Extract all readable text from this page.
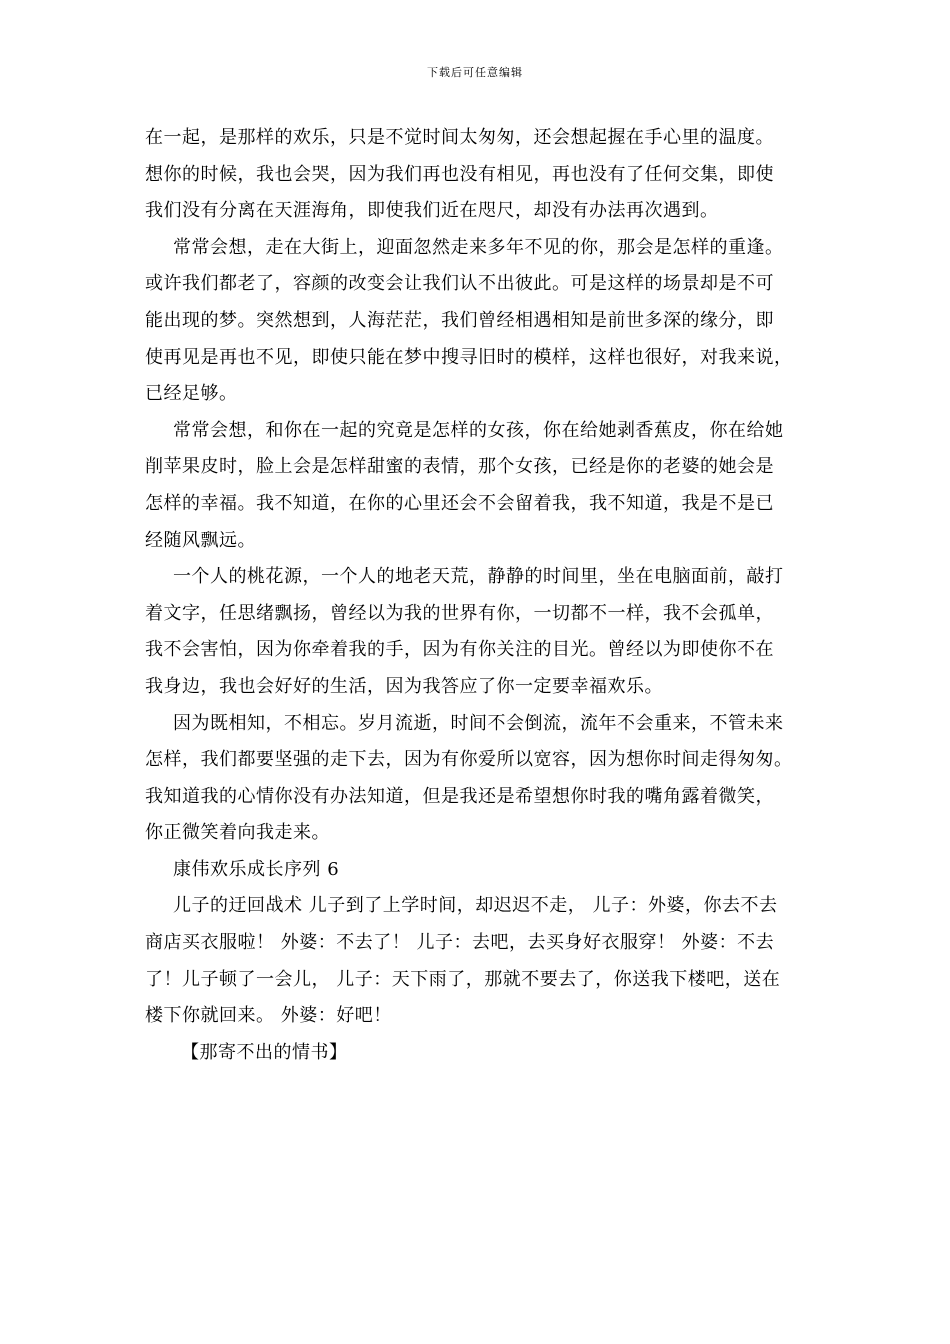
下载后可任意编辑
在一起，是那样的欢乐，只是不觉时间太匆匆，还会想起握在手心里的温度。
想你的时候，我也会哭，因为我们再也没有相见，再也没有了任何交集，即使
我们没有分离在天涯海角，即使我们近在咫尺，却没有办法再次遇到。
常常会想，走在大街上，迎面忽然走来多年不见的你，那会是怎样的重逢。
或许我们都老了，容颜的改变会让我们认不出彼此。可是这样的场景却是不可
能出现的梦。突然想到，人海茫茫，我们曾经相遇相知是前世多深的缘分，即
使再见是再也不见，即使只能在梦中搜寻旧时的模样，这样也很好，对我来说，
已经足够。
常常会想，和你在一起的究竟是怎样的女孩，你在给她剥香蕉皮，你在给她
削苹果皮时，脸上会是怎样甜蜜的表情，那个女孩，已经是你的老婆的她会是
怎样的幸福。我不知道，在你的心里还会不会留着我，我不知道，我是不是已
经随风飘远。
一个人的桃花源，一个人的地老天荒，静静的时间里，坐在电脑面前，敲打
着文字，任思绪飘扬，曾经以为我的世界有你，一切都不一样，我不会孤单，
我不会害怕，因为你牵着我的手，因为有你关注的目光。曾经以为即使你不在
我身边，我也会好好的生活，因为我答应了你一定要幸福欢乐。
因为既相知，不相忘。岁月流逝，时间不会倒流，流年不会重来，不管未来
怎样，我们都要坚强的走下去，因为有你爱所以宽容，因为想你时间走得匆匆。
我知道我的心情你没有办法知道，但是我还是希望想你时我的嘴角露着微笑，
你正微笑着向我走来。
康伟欢乐成长序列 6
儿子的迂回战术 儿子到了上学时间，却迟迟不走， 儿子：外婆，你去不去
商店买衣服啦！ 外婆：不去了！ 儿子：去吧，去买身好衣服穿！ 外婆：不去
了！儿子顿了一会儿， 儿子：天下雨了，那就不要去了，你送我下楼吧，送在
楼下你就回来。 外婆：好吧！
【那寄不出的情书】
